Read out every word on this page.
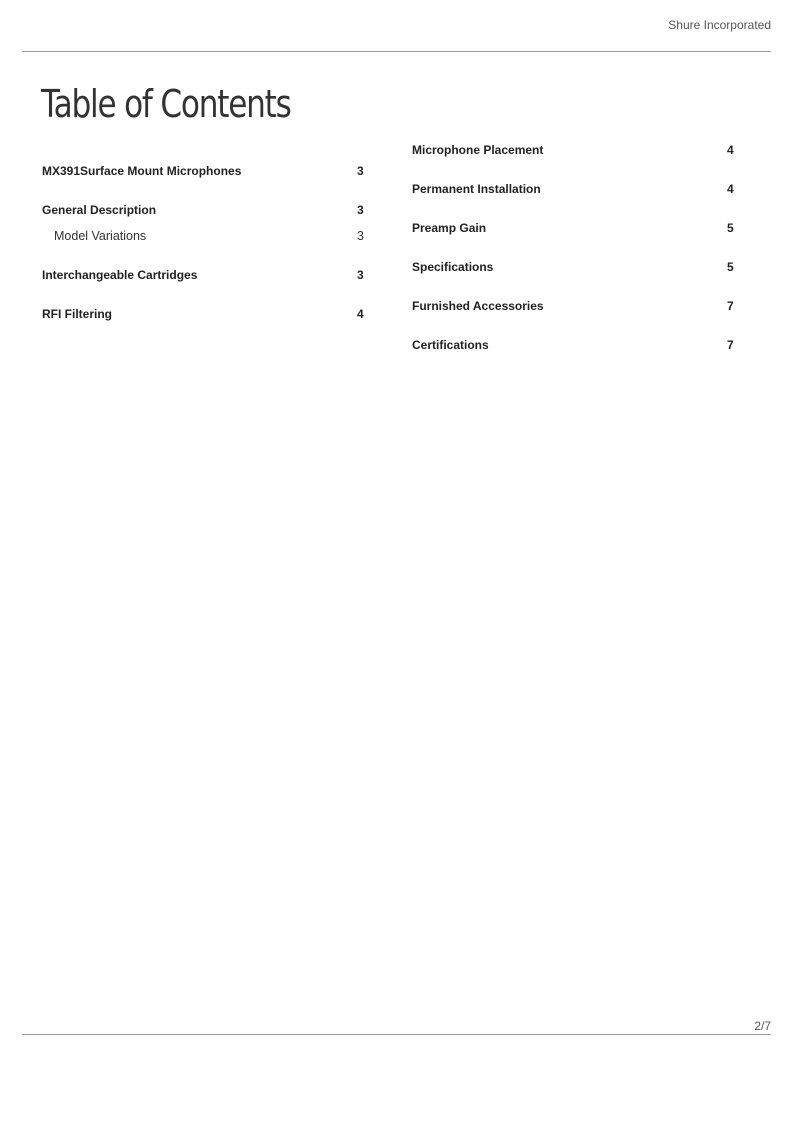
Shure Incorporated
Table of Contents
MX391Surface Mount Microphones	3
General Description	3
Model Variations	3
Interchangeable Cartridges	3
RFI Filtering	4
Microphone Placement	4
Permanent Installation	4
Preamp Gain	5
Specifications	5
Furnished Accessories	7
Certifications	7
2/7
